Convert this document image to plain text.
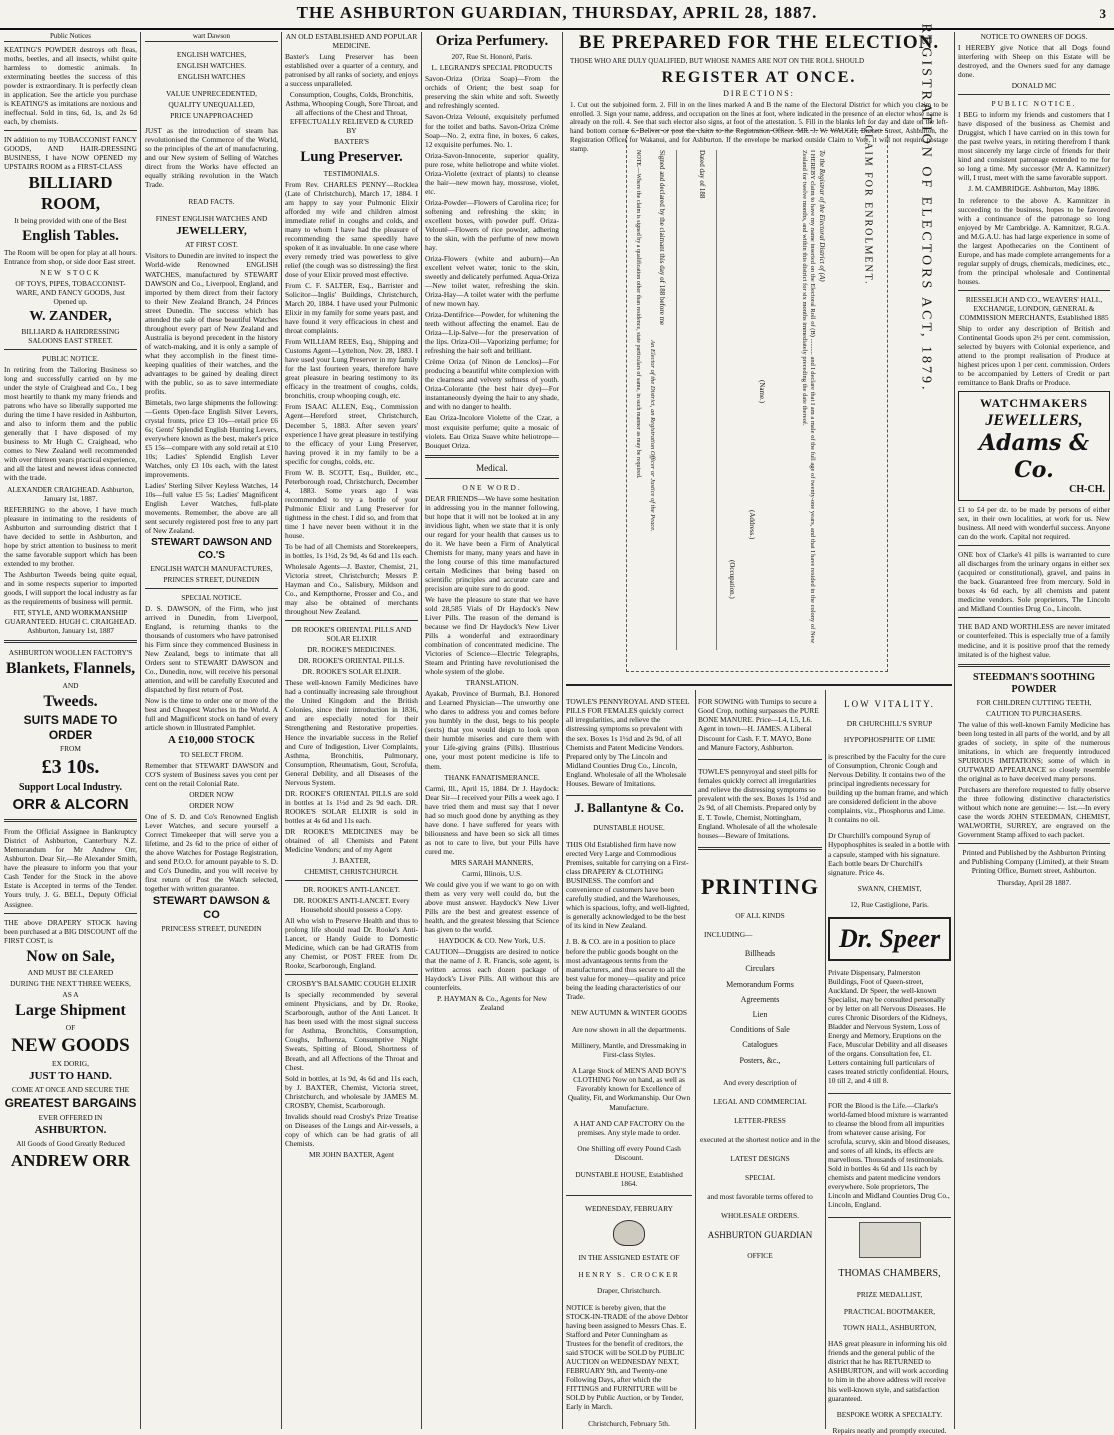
THE ASHBURTON GUARDIAN, THURSDAY, APRIL 28, 1887.	3
Public Notices

KEATING'S POWDER destroys oth fleas, moths, beetles, and all insects, whilst quite harmless to domestic animals. In exterminating beetles the success of this powder is extraordinary. It is perfectly clean in application. See the article you purchase is KEATING'S as imitations are noxious and ineffectual. Sold in tins, 6d, 1s, and 2s 6d each, by chemists.

IN addition to my TOBACCONIST FANCY GOODS, AND HAIR-DRESSING BUSINESS, I have NOW OPENED my UPSTAIRS ROOM as a FIRST-CLASS

BILLIARD ROOM,

It being provided with one of the Best

English Tables.

The Room will be open for play at all hours. Entrance from shop, or side door East street.

NEW STOCK

OF TOYS, PIPES, TOBACCONIST-WARE, AND FANCY GOODS, Just Opened up.

W. ZANDER,

BILLIARD & HAIRDRESSING SALOONS EAST STREET.

PUBLIC NOTICE.

In retiring from the Tailoring Business so long and successfully carried on by me under the style of Craighead and Co., I beg most heartily to thank my many friends and patrons who have so liberally supported me during the time I have resided in Ashburton, and also to inform them and the public generally that I have disposed of my business to Mr Hugh C. Craighead, who comes to New Zealand well recommended with over thirteen years practical experience, and all the latest and newest ideas connected with the trade.

ALEXANDER CRAIGHEAD. Ashburton, January 1st, 1887.

REFERRING to the above, I have much pleasure in intimating to the residents of Ashburton and surrounding district that I have decided to settle in Ashburton, and hope by strict attention to business to merit the same favorable support which has been extended to my brother.

The Ashburton Tweeds being quite equal, and in some respects superior to imported goods, I will support the local industry as far as the requirements of business will permit.

FIT, STYLE, AND WORKMANSHIP GUARANTEED. HUGH C. CRAIGHEAD. Ashburton, January 1st, 1887

ASHBURTON WOOLLEN FACTORY'S

Blankets, Flannels,

AND

Tweeds.
SUITS MADE TO ORDER

FROM

£3 10s.
Support Local Industry.
ORR & ALCORN

From the Official Assignee in Bankruptcy District of Ashburton, Canterbury N.Z. Memorandum for Mr Andrew Orr, Ashburton. Dear Sir,—Re Alexander Smith, have the pleasure to inform you that your Cash Tender for the Stock in the above Estate is Accepted in terms of the Tender. Yours truly, J. G. BELL, Deputy Official Assignee.

THE above DRAPERY STOCK having been purchased at a BIG DISCOUNT off the FIRST COST, is

Now on Sale,

AND MUST BE CLEARED

DURING THE NEXT THREE WEEKS,

AS A

Large Shipment

OF

NEW GOODS

EX DORIG,

JUST TO HAND.

COME AT ONCE AND SECURE THE

GREATEST BARGAINS

EVER OFFERED IN

ASHBURTON.

All Goods of Good Greatly Reduced

ANDREW ORR
wart Dawson

ENGLISH WATCHES,

ENGLISH WATCHES.

ENGLISH WATCHES

VALUE UNPRECEDENTED,

QUALITY UNEQUALLED,

PRICE UNAPPROACHED

JUST as the introduction of steam has revolutionised the Commerce of the World, so the principles of the art of manufacturing, and our New system of Selling of Watches direct from the Works have effected an equally striking revolution in the Watch Trade.

READ FACTS.

FINEST ENGLISH WATCHES AND

JEWELLERY,

AT FIRST COST.

Visitors to Dunedin are invited to inspect the World-wide Renowned ENGLISH WATCHES, manufactured by STEWART DAWSON and Co., Liverpool, England, and imported by them direct from their factory to their New Zealand Branch, 24 Princes street Dunedin. The success which has attended the sale of these beautiful Watches throughout every part of New Zealand and Australia is beyond precedent in the history of watch-making, and it is only a sample of what they accomplish in the finest time-keeping qualities of their watches, and the advantages to be gained by dealing direct with the public, so as to save intermediate profits.

Bimetals, two large shipments the following:—Gents Open-face English Silver Levers, crystal fronts, price £3 10s—retail price £6 6s; Gents' Splendid English Hunting Levers, everywhere known as the best, maker's price £5 15s—compare with any sold retail at £10 10s; Ladies' Splendid English Lever Watches, only £3 10s each, with the latest improvements.

Ladies' Sterling Silver Keyless Watches, 14 10s—full value £5 5s; Ladies' Magnificent English Lever Watches, full-plate movements. Remember, the above are all sent securely registered post free to any part of New Zealand.

STEWART DAWSON AND CO.'S

ENGLISH WATCH MANUFACTURES,

PRINCES STREET, DUNEDIN

SPECIAL NOTICE.

D. S. DAWSON, of the Firm, who just arrived in Dunedin, from Liverpool, England, is returning thanks to the thousands of customers who have patronised his Firm since they commenced Business in New Zealand, begs to intimate that all Orders sent to STEWART DAWSON and Co., Dunedin, now, will receive his personal attention, and will be carefully Executed and dispatched by first return of Post.

Now is the time to order one or more of the best and Cheapest Watches in the World. A full and Magnificent stock on hand of every article shown in Illustrated Pamphlet.

A £10,000 STOCK

TO SELECT FROM.

Remember that STEWART DAWSON and CO'S system of Business saves you cent per cent on the retail Colonial Rate.

ORDER NOW

ORDER NOW

One of S. D. and Co's Renowned English Lever Watches, and secure yourself a Correct Timekeeper that will serve you a lifetime, and 2s 6d to the price of either of the above Watches for Postage Registration, and send P.O.O. for amount payable to S. D. and Co's Dunedin, and you will receive by first return of Post the Watch selected, together with written guarantee.

STEWART DAWSON & CO

PRINCESS STREET, DUNEDIN

AN OLD ESTABLISHED AND POPULAR MEDICINE.

Baxter's Lung Preserver has been established over a quarter of a century, and patronised by all ranks of society, and enjoys a success unparalleled.

Consumption, Coughs, Colds, Bronchitis, Asthma, Whooping Cough, Sore Throat, and all affections of the Chest and Throat, EFFECTUALLY RELIEVED & CURED BY

BAXTER'S

Lung Preserver.

TESTIMONIALS.

From Rev. CHARLES PENNY—Rocklea (Late of Christchurch), March 17, 1884. I am happy to say your Pulmonic Elixir afforded my wife and children almost immediate relief in coughs and colds, and many to whom I have had the pleasure of recommending the same speedily have spoken of it as invaluable. In one case where every remedy tried was powerless to give relief (the cough was so distressing) the first dose of your Elixir proved most effective.

From C. F. SALTER, Esq., Barrister and Solicitor—Inglis' Buildings, Christchurch, March 20, 1884. I have used your Pulmonic Elixir in my family for some years past, and have found it very efficacious in chest and throat complaints.

From WILLIAM REES, Esq., Shipping and Customs Agent—Lyttelton, Nov. 28, 1883. I have used your Lung Preserver in my family for the last fourteen years, therefore have great pleasure in bearing testimony to its efficacy in the treatment of coughs, colds, bronchitis, croup whooping cough, etc.

From ISAAC ALLEN, Esq., Commission Agent—Hereford street, Christchurch, December 5, 1883. After seven years' experience I have great pleasure in testifying to the efficacy of your Lung Preserver, having proved it in my family to be a specific for coughs, colds, etc.

From W. B. SCOTT, Esq., Builder, etc., Peterborough road, Christchurch, December 4, 1883. Some years ago I was recommended to try a bottle of your Pulmonic Elixir and Lung Preserver for tightness in the chest. I did so, and from that time I have never been without it in the house.

To be had of all Chemists and Storekeepers, in bottles, 1s 1½d, 2s 9d, 4s 6d and 11s each.

Wholesale Agents—J. Baxter, Chemist, 21, Victoria street, Christchurch; Messrs P. Hayman and Co., Salisbury, Mildson and Co., and Kempthorne, Prosser and Co., and may also be obtained of merchants throughout New Zealand.

DR ROOKE'S ORIENTAL PILLS AND SOLAR ELIXIR

DR. ROOKE'S MEDICINES.

DR. ROOKE'S ORIENTAL PILLS.

DR. ROOKE'S SOLAR ELIXIR.

These well-known Family Medicines have had a continually increasing sale throughout the United Kingdom and the British Colonies, since their introduction in 1836, and are especially noted for their Strengthening and Restorative properties. Hence the invariable success in the Relief and Cure of Indigestion, Liver Complaints, Asthma, Bronchitis, Pulmonary, Consumption, Rheumatism, Gout, Scrofula, General Debility, and all Diseases of the Nervous System.

DR. ROOKE'S ORIENTAL PILLS are sold in bottles at 1s 1½d and 2s 9d each. DR. ROOKE'S SOLAR ELIXIR is sold in bottles at 4s 6d and 11s each.

DR ROOKE'S MEDICINES may be obtained of all Chemists and Patent Medicine Vendors; and of my Agent

J. BAXTER,

CHEMIST, CHRISTCHURCH.

DR. ROOKE'S ANTI-LANCET.

DR. ROOKE'S ANTI-LANCET. Every Household should possess a Copy.

All who wish to Preserve Health and thus to prolong life should read Dr. Rooke's Anti-Lancet, or Handy Guide to Domestic Medicine, which can be had GRATIS from any Chemist, or POST FREE from Dr. Rooke, Scarborough, England.

CROSBY'S BALSAMIC COUGH ELIXIR

Is specially recommended by several eminent Physicians, and by Dr. Rooke, Scarborough, author of the Anti Lancet. It has been used with the most signal success for Asthma, Bronchitis, Consumption, Coughs, Influenza, Consumptive Night Sweats, Spitting of Blood, Shortness of Breath, and all Affections of the Throat and Chest.

Sold in bottles, at 1s 9d, 4s 6d and 11s each, by J. BAXTER, Chemist, Victoria street, Christchurch, and wholesale by JAMES M. CROSBY, Chemist, Scarborough.

Invalids should read Crosby's Prize Treatise on Diseases of the Lungs and Air-vessels, a copy of which can be had gratis of all Chemists.

MR JOHN BAXTER, Agent

Oriza Perfumery.

207, Rue St. Honoré, Paris.

L. LEGRAND'S SPECIAL PRODUCTS

Savon-Oriza (Oriza Soap)—From the orchids of Orient; the best soap for preserving the skin white and soft. Sweetly and refreshingly scented.

Savon-Oriza Velouté, exquisitely perfumed for the toilet and baths. Savon-Oriza Crème Soap—No. 2, extra fine, in boxes, 6 cakes, 12 exquisite perfumes. No. 1.

Oriza-Savon-Innocente, superior quality, pure rose, white heliotrope and white violet. Oriza-Violette (extract of plants) to cleanse the hair—new mown hay, mossrose, violet, etc.

Oriza-Powder—Flowers of Carolina rice; for softening and refreshing the skin; in excellent boxes, with powder puff. Oriza-Velouté—Flowers of rice powder, adhering to the skin, with the perfume of new mown hay.

Oriza-Flowers (white and auburn)—An excellent velvet water, tonic to the skin, sweetly and delicately perfumed. Aqua-Oriza—New toilet water, refreshing the skin. Oriza-Hay—A toilet water with the perfume of new mown hay.

Oriza-Dentifrice—Powder, for whitening the teeth without affecting the enamel. Eau de Oriza—Lip-Salve—for the preservation of the lips. Oriza-Oil—Vaporizing perfume; for refreshing the hair soft and brilliant.

Crème Oriza (of Ninon de Lenclos)—For producing a beautiful white complexion with the clearness and velvety softness of youth. Oriza-Colorante (the best hair dye)—For instantaneously dyeing the hair to any shade, and with no danger to health.

Eau Oriza-Incolore Violette of the Czar, a most exquisite perfume; quite a mosaic of violets. Eau Oriza Suave white heliotrope—Bouquet Oriza.

Medical.

ONE WORD.

DEAR FRIENDS—We have some hesitation in addressing you in the manner following, but hope that it will not be looked at in any invidious light, when we state that it is only our regard for your health that causes us to do it. We have been a Firm of Analytical Chemists for many, many years and have in the long course of this time manufactured certain Medicines that being based on scientific principles and accurate care and precision are quite sure to do good.

We have the pleasure to state that we have sold 28,585 Vials of Dr Haydock's New Liver Pills. The reason of the demand is because we find Dr Haydock's New Liver Pills a wonderful and extraordinary combination of concentrated medicine. The Victories of Science—Electric Telegraphs, Steam and Printing have revolutionised the whole system of the globe.

TRANSLATION.

Ayakab, Province of Burmah, B.I. Honored and Learned Physician—The unworthy one who dares to address you and comes before you humbly in the dust, begs to his people (sects) that you would deign to look upon their humble miseries and cure them with your Life-giving grains (Pills). Illustrious one, your most potent medicine is life to them.

THANK FANATISMERANCE.

Carmi, Ill., April 15, 1884. Dr J. Haydock: Dear Sir—I received your Pills a week ago. I have tried them and must say that I never had so much good done by anything as they have done. I have suffered for years with biliousness and have been so sick all times as not to care to live, but your Pills have cured me.

MRS SARAH MANNERS,

Carmi, Illinois, U.S.

We could give you if we want to go on with them as very very well could do, but the above must answer. Haydock's New Liver Pills are the best and greatest essence of health, and the greatest blessing that Science has given to the world.

HAYDOCK & CO. New York, U.S.

CAUTION—Druggists are desired to notice that the name of J. R. Francis, sole agent, is written across each dozen package of Haydock's Liver Pills. All without this are counterfeits.

P. HAYMAN & Co., Agents for New Zealand

BE PREPARED FOR THE ELECTION.
THOSE WHO ARE DULY QUALIFIED, BUT WHOSE NAMES ARE NOT ON THE ROLL SHOULD
REGISTER AT ONCE.
DIRECTIONS:
1. Cut out the subjoined form. 2. Fill in on the lines marked A and B the name of the Electoral District for which you claim to be enrolled. 3. Sign your name, address, and occupation on the lines at foot, where indicated in the presence of an elector whose name is already on the roll. 4. See that such elector also signs, at foot of the attestation. 5. Fill in the blanks left for day and date on the left-hand bottom corner. 6. Deliver or post the claim to the Registration Officer. MR. J. W. WAUGH, Burnett Street, Ashburton, the Registration Officer for Wakanui, and for Ashburton. If the envelope be marked outside Claim to Vote, it will not require postage stamp.	REGISTRATION OF ELECTORS ACT, 1879.
CLAIM FOR ENROLMENT.
To the Registrar of the Electoral District of (A)
I HEREBY claim to have my name inserted on the Electoral Roll of (B) .......... and I declare that I am a male of the full age of twenty-one years, and that I have resided in the colony of New Zealand for twelve months, and within this district for six months immediately preceding the date thereof.
(Name.)
(Address.)
(Occupation.)
Dated day of 188
Signed and declared by the claimant this day of 188 before me
An Elector of the District, an Registration Officer or Justice of the Peace.
NOTE.—Where the claim is signed by a qualification other than residence, state particulars of same, in such manner as may be required.

TOWLE'S PENNYROYAL AND STEEL PILLS FOR FEMALES quickly correct all irregularities, and relieve the distressing symptoms so prevalent with the sex. Boxes 1s 1½d and 2s 9d, of all Chemists and Patent Medicine Vendors. Prepared only by The Lincoln and Midland Counties Drug Co., Lincoln, England. Wholesale of all the Wholesale Houses. Beware of Imitations.

J. Ballantyne & Co.

DUNSTABLE HOUSE.

THIS Old Established firm have now erected Very Large and Commodious Premises, suitable for carrying on a First-class DRAPERY & CLOTHING BUSINESS. The comfort and convenience of customers have been carefully studied, and the Warehouses, which is spacious, lofty, and well-lighted, is generally acknowledged to be the best of its kind in New Zealand.

J. B. & CO. are in a position to place before the public goods bought on the most advantageous terms from the manufacturers, and thus secure to all the best value for money—quality and price being the leading characteristics of our Trade.

NEW AUTUMN & WINTER GOODS

Are now shown in all the departments.

Millinery, Mantle, and Dressmaking in First-class Styles.

A Large Stock of MEN'S AND BOY'S CLOTHING Now on hand, as well as Favorably known for Excellence of Quality, Fit, and Workmanship. Our Own Manufacture.

A HAT AND CAP FACTORY On the premises. Any style made to order.

One Shilling off every Pound Cash Discount.

DUNSTABLE HOUSE, Established 1864.

WEDNESDAY, FEBRUARY

IN THE ASSIGNED ESTATE OF

HENRY S. CROCKER

Draper, Christchurch.

NOTICE is hereby given, that the STOCK-IN-TRADE of the above Debtor having been assigned to Messrs Chas. E. Stafford and Peter Cunningham as Trustees for the benefit of creditors, the said STOCK will be SOLD by PUBLIC AUCTION on WEDNESDAY NEXT, FEBRUARY 9th, and Twenty-one Following Days, after which the FITTINGS and FURNITURE will be SOLD by Public Auction, or by Tender, Early in March.

Christchurch, February 5th.

FOR SOWING with Turnips to secure a Good Crop, nothing surpasses the PURE BONE MANURE. Price—L4, L5, L6. Agent in town—H. JAMES. A Liberal Discount for Cash. F. T. MAYO, Bone and Manure Factory, Ashburton.

TOWLE'S pennyroyal and steel pills for females quickly correct all irregularities and relieve the distressing symptoms so prevalent with the sex. Boxes 1s 1½d and 2s 9d, of all Chemists. Prepared only by E. T. Towle, Chemist, Nottingham, England. Wholesale of all the wholesale houses—Beware of Imitations.

PRINTING

OF ALL KINDS

INCLUDING—

Billheads
Circulars
Memorandum Forms
Agreements
Lien
Conditions of Sale
Catalogues
Posters, &c.,

And every description of

LEGAL AND COMMERCIAL

LETTER-PRESS

executed at the shortest notice and in the

LATEST DESIGNS

SPECIAL

and most favorable terms offered to

WHOLESALE ORDERS.

ASHBURTON GUARDIAN

OFFICE

LOW VITALITY.

DR CHURCHILL'S SYRUP

HYPOPHOSPHITE OF LIME

is prescribed by the Faculty for the cure of Consumption, Chronic Cough and Nervous Debility. It contains two of the principal ingredients necessary for building up the human frame, and which are considered deficient in the above complaints, viz., Phosphorus and Lime. It contains no oil.

Dr Churchill's compound Syrup of Hypophosphites is sealed in a bottle with a capsule, stamped with his signature. Each bottle bears Dr Churchill's signature. Price 4s.

SWANN, CHEMIST,

12, Rue Castiglione, Paris.

Dr. Speer

Private Dispensary, Palmerston Buildings, Foot of Queen-street, Auckland. Dr Speer, the well-known Specialist, may be consulted personally or by letter on all Nervous Diseases. He cures Chronic Disorders of the Kidneys, Bladder and Nervous System, Loss of Energy and Memory, Eruptions on the Face, Muscular Debility and all diseases of the organs. Consultation fee, £1. Letters containing full particulars of cases treated strictly confidential. Hours, 10 till 2, and 4 till 8.

FOR the Blood is the Life.—Clarke's world-famed blood mixture is warranted to cleanse the blood from all impurities from whatever cause arising. For scrofula, scurvy, skin and blood diseases, and sores of all kinds, its effects are marvellous. Thousands of testimonials. Sold in bottles 4s 6d and 11s each by chemists and patent medicine vendors everywhere. Sole proprietors, The Lincoln and Midland Counties Drug Co., Lincoln, England.

THOMAS CHAMBERS,

PRIZE MEDALLIST,

PRACTICAL BOOTMAKER,

TOWN HALL, ASHBURTON,

HAS great pleasure in informing his old friends and the general public of the district that he has RETURNED to ASHBURTON, and will work according to him in the above address will receive his well-known style, and satisfaction guaranteed.

BESPOKE WORK A SPECIALTY.

Repairs neatly and promptly executed.

NOTICE TO OWNERS OF DOGS.

I HEREBY give Notice that all Dogs found interfering with Sheep on this Estate will be destroyed, and the Owners sued for any damage done.

DONALD MC

PUBLIC NOTICE.

I BEG to inform my friends and customers that I have disposed of the business as Chemist and Druggist, which I have carried on in this town for the past twelve years, in retiring therefrom I thank most sincerely my large circle of friends for their kind and consistent patronage extended to me for so long a time. My successor (Mr A. Kamnitzer) will, I trust, meet with the same favorable support.

J. M. CAMBRIDGE. Ashburton, May 1886.

In reference to the above A. Kamnitzer in succeeding to the business, hopes to be favored with a continuance of the patronage so long enjoyed by Mr Cambridge. A. Kamnitzer, R.G.A. and M.G.A.U. has had large experience in some of the largest Apothecaries on the Continent of Europe, and has made complete arrangements for a regular supply of drugs, chemicals, medicines, etc., from the principal wholesale and Continental houses.

RIESSELICH AND CO., WEAVERS' HALL, EXCHANGE, LONDON, GENERAL & COMMISSION MERCHANTS, Established 1885

Ship to order any description of British and Continental Goods upon 2½ per cent. commission, selected by buyers with Colonial experience, and attend to the prompt realisation of Produce at highest prices upon 1 per cent. commission. Orders to be accompanied by Letters of Credit or part remittance to Bank Drafts or Produce.

WATCHMAKERS
JEWELLERS,
Adams & Co.
CH-CH.

£1 to £4 per dz. to be made by persons of either sex, in their own localities, at work for us. New business. All need with wonderful success. Anyone can do the work. Capital not required.

ONE box of Clarke's 41 pills is warranted to cure all discharges from the urinary organs in either sex (acquired or constitutional), gravel, and pains in the back. Guaranteed free from mercury. Sold in boxes 4s 6d each, by all chemists and patent medicine vendors. Sole proprietors, The Lincoln and Midland Counties Drug Co., Lincoln.

THE BAD AND WORTHLESS are never imitated or counterfeited. This is especially true of a family medicine, and it is positive proof that the remedy imitated is of the highest value.

STEEDMAN'S SOOTHING POWDER

FOR CHILDREN CUTTING TEETH,

CAUTION TO PURCHASERS.

The value of this well-known Family Medicine has been long tested in all parts of the world, and by all grades of society, in spite of the numerous imitations, in which are frequently introduced SPURIOUS IMITATIONS; some of which in OUTWARD APPEARANCE so closely resemble the original as to have deceived many persons.

Purchasers are therefore requested to fully observe the three following distinctive characteristics without which none are genuine:— 1st.—In every case the words JOHN STEEDMAN, CHEMIST, WALWORTH, SURREY, are engraved on the Government Stamp affixed to each packet.

Printed and Published by the Ashburton Printing and Publishing Company (Limited), at their Steam Printing Office, Burnett street, Ashburton.

Thursday, April 28 1887.
